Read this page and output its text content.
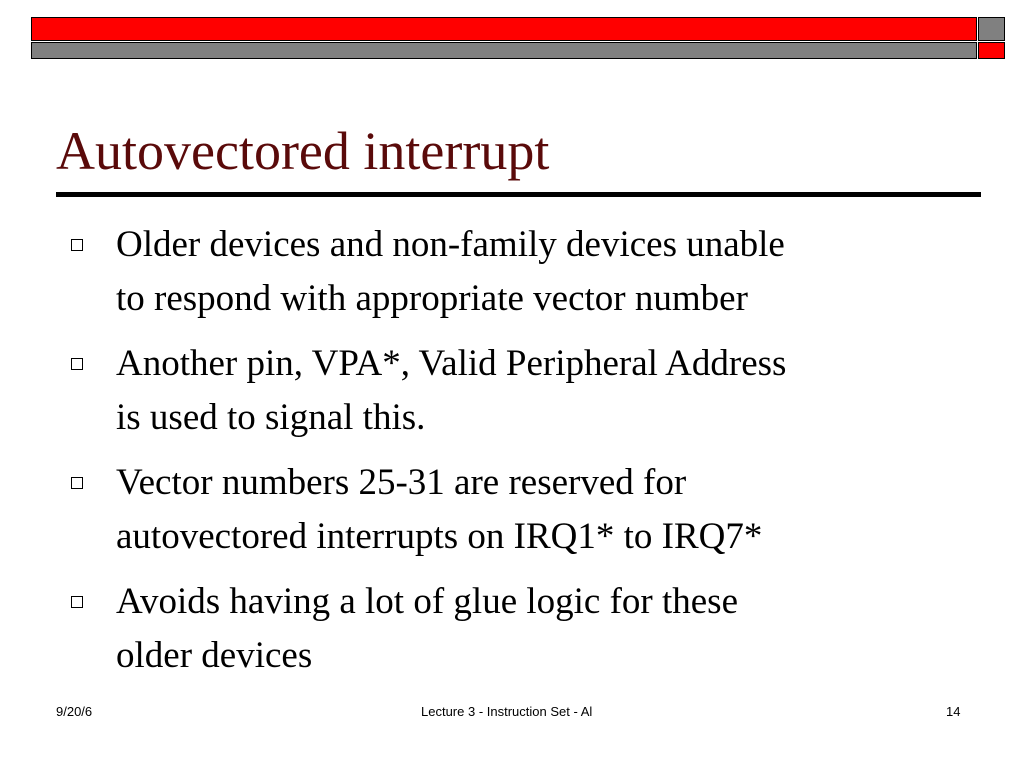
Autovectored interrupt
Older devices and non-family devices unable
to respond with appropriate vector number
Another pin, VPA*, Valid Peripheral Address
is used to signal this.
Vector numbers 25-31 are reserved for
autovectored interrupts on IRQ1* to IRQ7*
Avoids having a lot of glue logic for these
older devices
9/20/6	Lecture 3 - Instruction Set - Al	14
